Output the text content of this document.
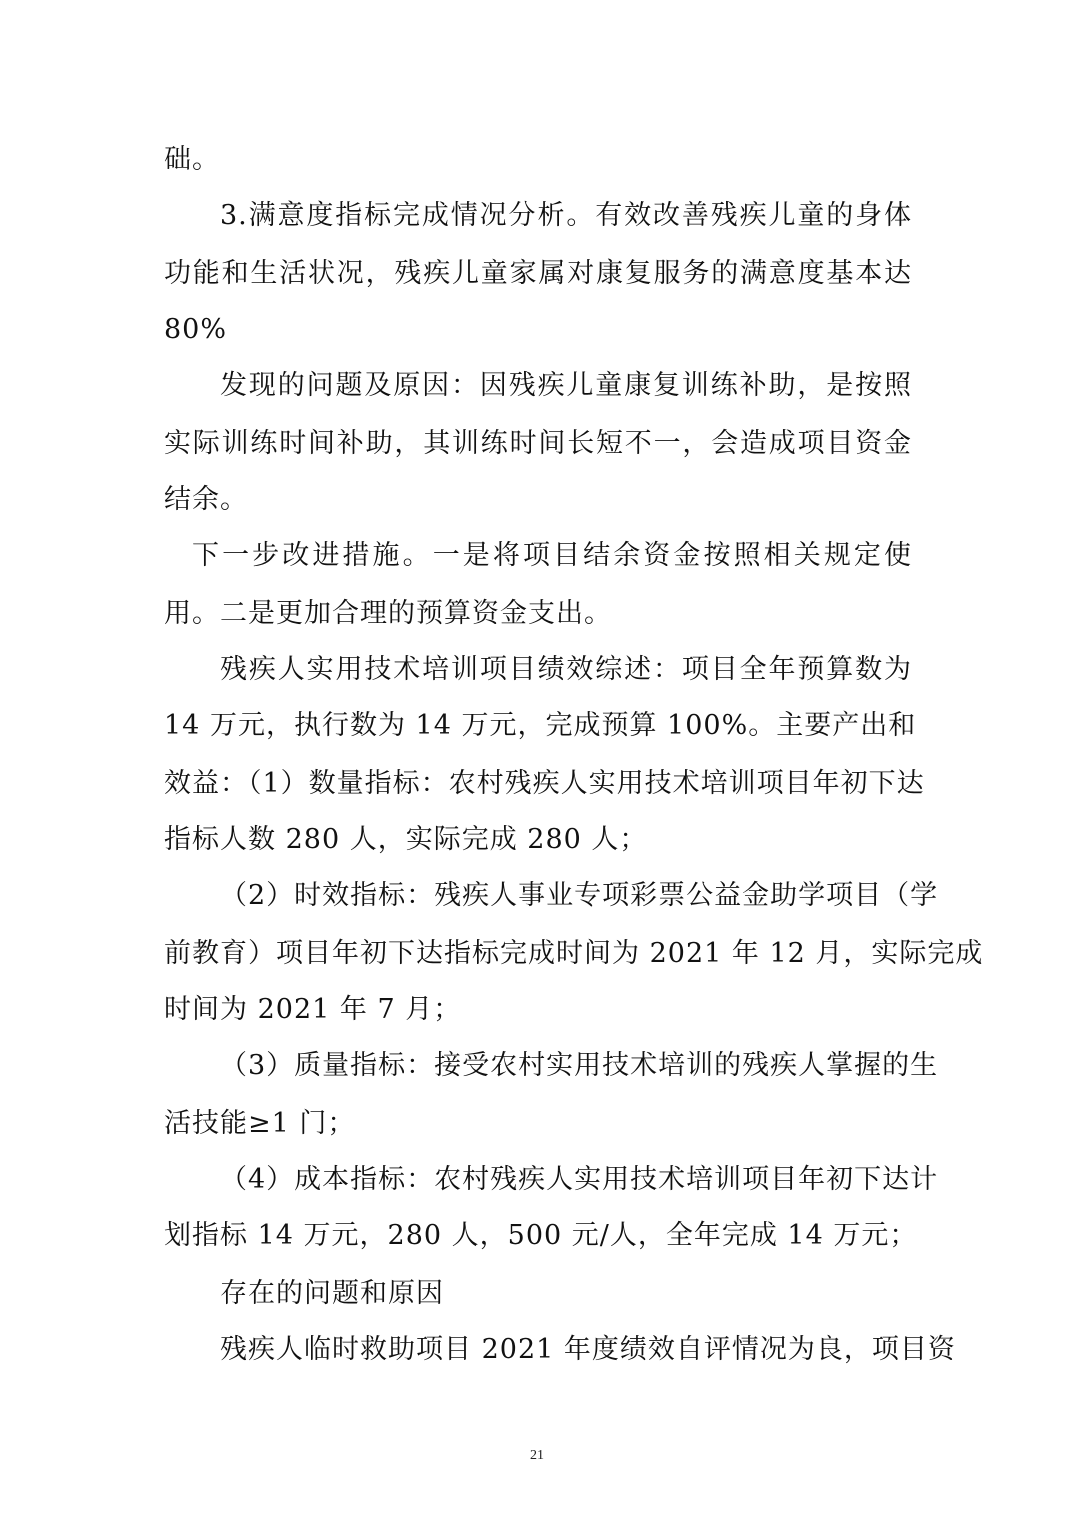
础。
3.满意度指标完成情况分析。有效改善残疾儿童的身体
功能和生活状况，残疾儿童家属对康复服务的满意度基本达
80%
发现的问题及原因：因残疾儿童康复训练补助，是按照
实际训练时间补助，其训练时间长短不一，会造成项目资金
结余。
下一步改进措施。一是将项目结余资金按照相关规定使
用。二是更加合理的预算资金支出。
残疾人实用技术培训项目绩效综述：项目全年预算数为
14 万元，执行数为 14 万元，完成预算 100%。主要产出和
效益：（1）数量指标：农村残疾人实用技术培训项目年初下达
指标人数 280 人，实际完成 280 人；
（2）时效指标：残疾人事业专项彩票公益金助学项目（学
前教育）项目年初下达指标完成时间为 2021 年 12 月，实际完成
时间为 2021 年 7 月；
（3）质量指标：接受农村实用技术培训的残疾人掌握的生
活技能≥1 门；
（4）成本指标：农村残疾人实用技术培训项目年初下达计
划指标 14 万元，280 人，500 元/人，全年完成 14 万元；
存在的问题和原因
残疾人临时救助项目 2021 年度绩效自评情况为良，项目资
21
